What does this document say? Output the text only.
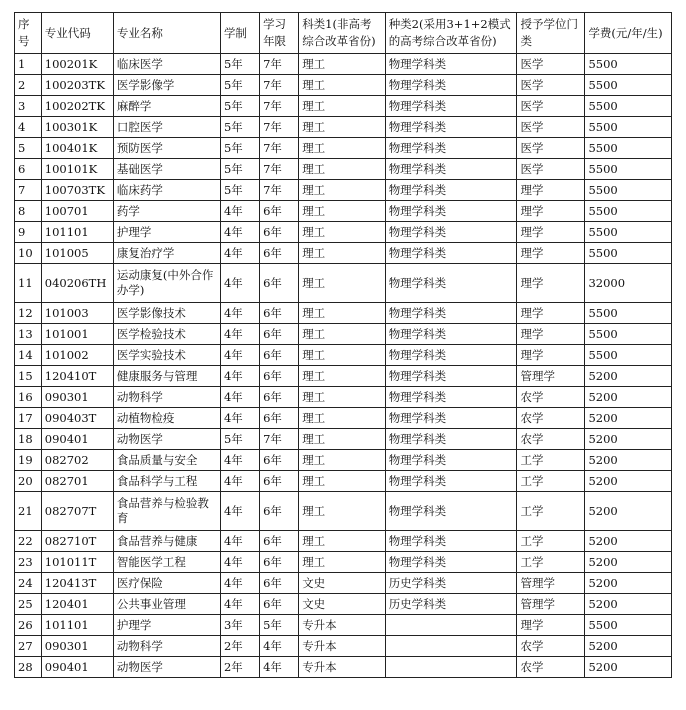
序号	专业代码	专业名称	学制	学习年限	科类1(非高考综合改革省份)	种类2(采用3+1+2模式的高考综合改革省份)	授予学位门类	学费(元/年/生)
1	100201K	临床医学	5年	7年	理工	物理学科类	医学	5500
2	100203TK	医学影像学	5年	7年	理工	物理学科类	医学	5500
3	100202TK	麻醉学	5年	7年	理工	物理学科类	医学	5500
4	100301K	口腔医学	5年	7年	理工	物理学科类	医学	5500
5	100401K	预防医学	5年	7年	理工	物理学科类	医学	5500
6	100101K	基础医学	5年	7年	理工	物理学科类	医学	5500
7	100703TK	临床药学	5年	7年	理工	物理学科类	理学	5500
8	100701	药学	4年	6年	理工	物理学科类	理学	5500
9	101101	护理学	4年	6年	理工	物理学科类	理学	5500
10	101005	康复治疗学	4年	6年	理工	物理学科类	理学	5500
11	040206TH	运动康复(中外合作办学)	4年	6年	理工	物理学科类	理学	32000
12	101003	医学影像技术	4年	6年	理工	物理学科类	理学	5500
13	101001	医学检验技术	4年	6年	理工	物理学科类	理学	5500
14	101002	医学实验技术	4年	6年	理工	物理学科类	理学	5500
15	120410T	健康服务与管理	4年	6年	理工	物理学科类	管理学	5200
16	090301	动物科学	4年	6年	理工	物理学科类	农学	5200
17	090403T	动植物检疫	4年	6年	理工	物理学科类	农学	5200
18	090401	动物医学	5年	7年	理工	物理学科类	农学	5200
19	082702	食品质量与安全	4年	6年	理工	物理学科类	工学	5200
20	082701	食品科学与工程	4年	6年	理工	物理学科类	工学	5200
21	082707T	食品营养与检验教育	4年	6年	理工	物理学科类	工学	5200
22	082710T	食品营养与健康	4年	6年	理工	物理学科类	工学	5200
23	101011T	智能医学工程	4年	6年	理工	物理学科类	工学	5200
24	120413T	医疗保险	4年	6年	文史	历史学科类	管理学	5200
25	120401	公共事业管理	4年	6年	文史	历史学科类	管理学	5200
26	101101	护理学	3年	5年	专升本		理学	5500
27	090301	动物科学	2年	4年	专升本		农学	5200
28	090401	动物医学	2年	4年	专升本		农学	5200
